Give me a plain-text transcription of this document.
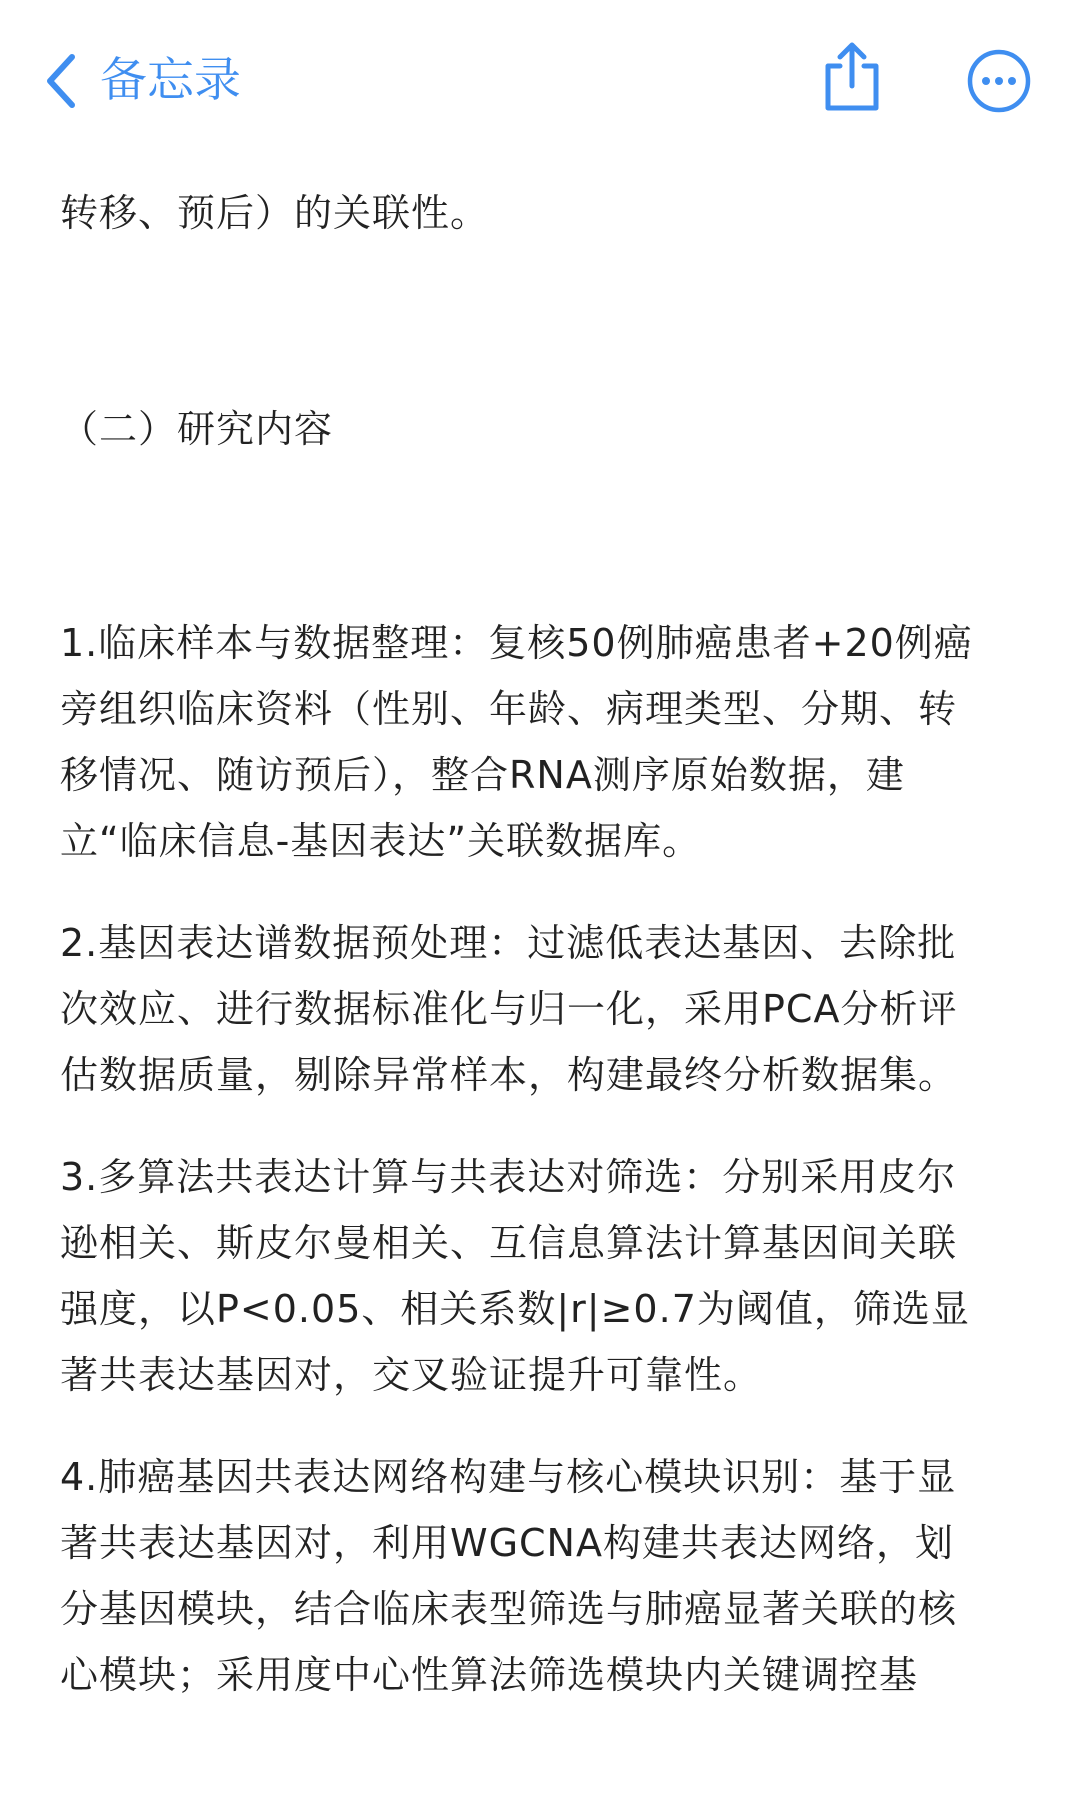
备忘录
转移、预后）的关联性。
（二）研究内容
1.临床样本与数据整理：复核50例肺癌患者+20例癌
旁组织临床资料（性别、年龄、病理类型、分期、转
移情况、随访预后），整合RNA测序原始数据，建
立“临床信息-基因表达”关联数据库。
2.基因表达谱数据预处理：过滤低表达基因、去除批
次效应、进行数据标准化与归一化，采用PCA分析评
估数据质量，剔除异常样本，构建最终分析数据集。
3.多算法共表达计算与共表达对筛选：分别采用皮尔
逊相关、斯皮尔曼相关、互信息算法计算基因间关联
强度，以P<0.05、相关系数|r|≥0.7为阈值，筛选显
著共表达基因对，交叉验证提升可靠性。
4.肺癌基因共表达网络构建与核心模块识别：基于显
著共表达基因对，利用WGCNA构建共表达网络，划
分基因模块，结合临床表型筛选与肺癌显著关联的核
心模块；采用度中心性算法筛选模块内关键调控基
